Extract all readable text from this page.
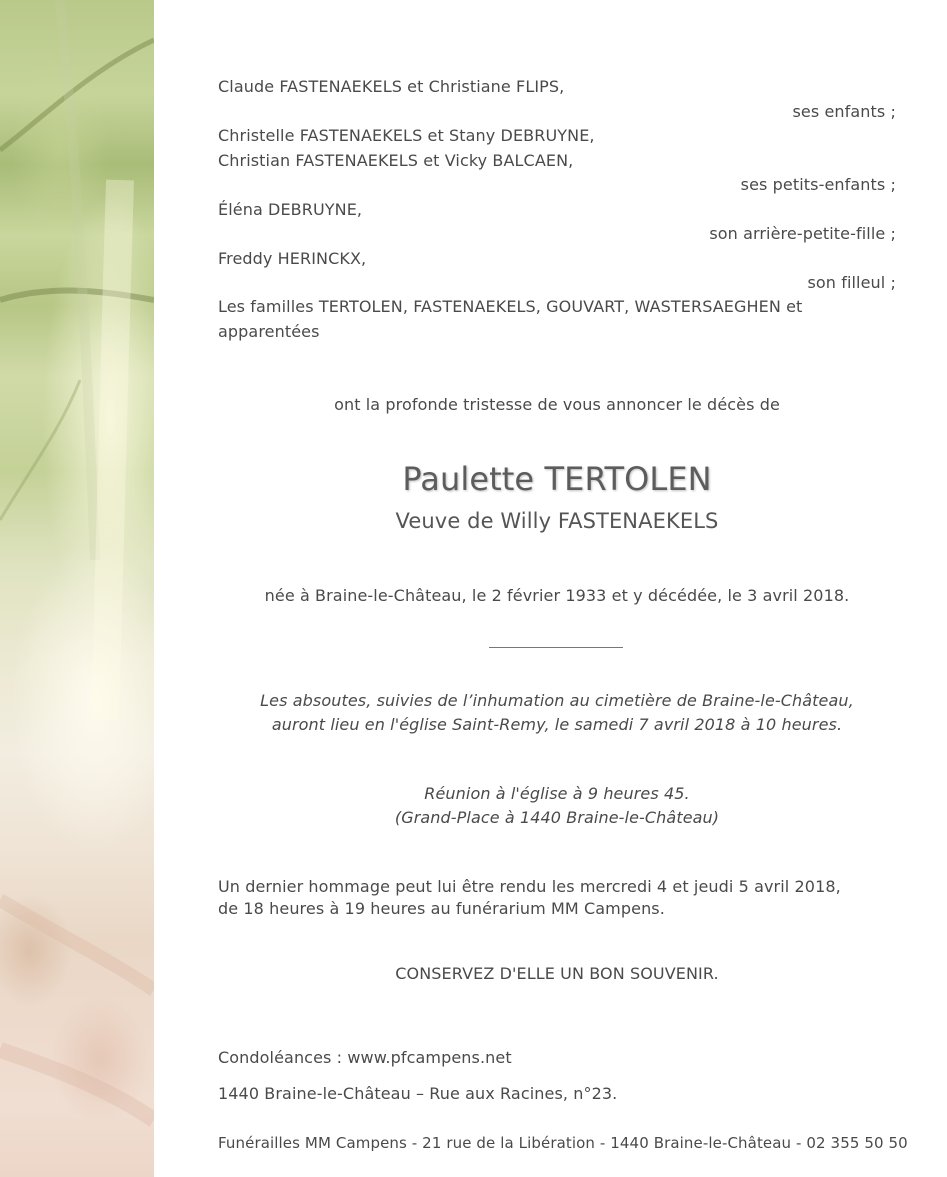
Claude FASTENAEKELS et Christiane FLIPS,
ses enfants ;
Christelle FASTENAEKELS et Stany DEBRUYNE,
Christian FASTENAEKELS et Vicky BALCAEN,
ses petits-enfants ;
Éléna DEBRUYNE,
son arrière-petite-fille ;
Freddy HERINCKX,
son filleul ;
Les familles TERTOLEN, FASTENAEKELS, GOUVART, WASTERSAEGHEN et
apparentées
ont la profonde tristesse de vous annoncer le décès de
Paulette TERTOLEN
Veuve de Willy FASTENAEKELS
née à Braine-le-Château, le 2 février 1933 et y décédée, le 3 avril 2018.
Les absoutes, suivies de l’inhumation au cimetière de Braine-le-Château,
auront lieu en l'église Saint-Remy, le samedi 7 avril 2018 à 10 heures.
Réunion à l'église à 9 heures 45.
(Grand-Place à 1440 Braine-le-Château)
Un dernier hommage peut lui être rendu les mercredi 4 et jeudi 5 avril 2018,
de 18 heures à 19 heures au funérarium MM Campens.
CONSERVEZ D'ELLE UN BON SOUVENIR.
Condoléances : www.pfcampens.net
1440 Braine-le-Château – Rue aux Racines, n°23.
Funérailles MM Campens - 21 rue de la Libération - 1440 Braine-le-Château - 02 355 50 50
